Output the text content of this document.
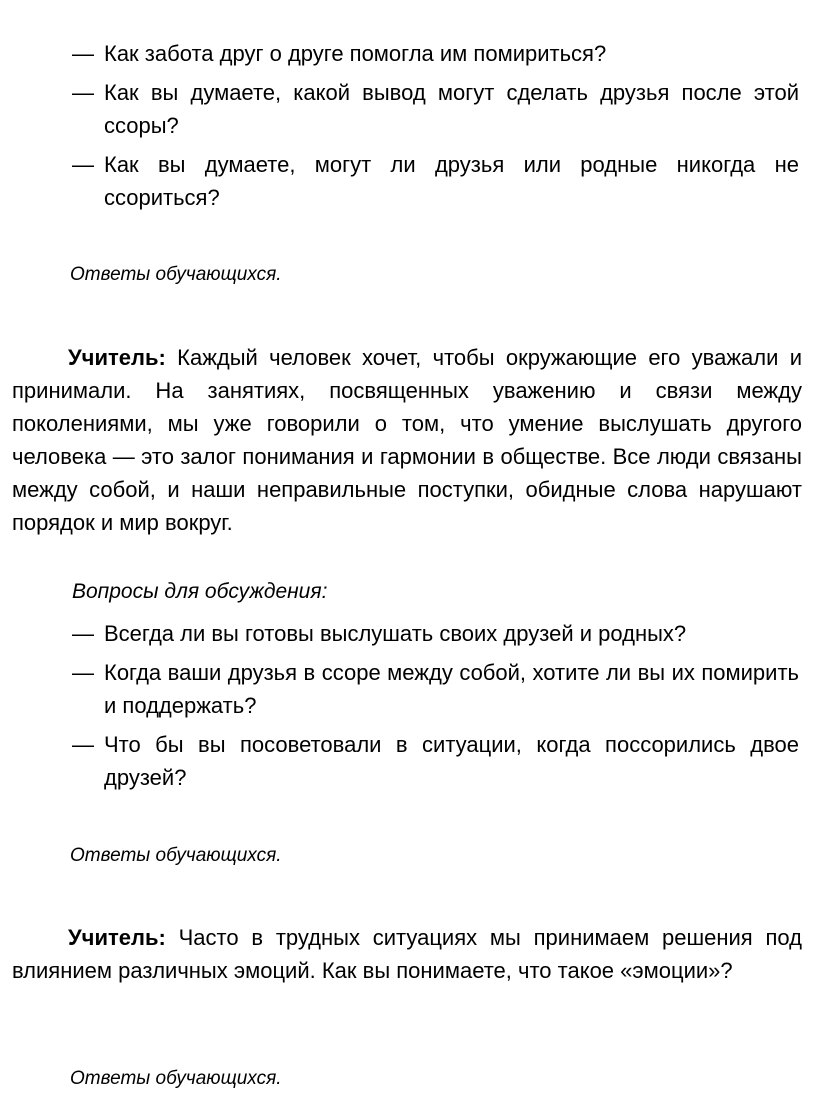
— Как забота друг о друге помогла им помириться?
— Как вы думаете, какой вывод могут сделать друзья после этой ссоры?
— Как вы думаете, могут ли друзья или родные никогда не ссориться?

Ответы обучающихся.

Учитель: Каждый человек хочет, чтобы окружающие его уважали и принимали. На занятиях, посвященных уважению и связи между поколениями, мы уже говорили о том, что умение выслушать другого человека — это залог понимания и гармонии в обществе. Все люди связаны между собой, и наши неправильные поступки, обидные слова нарушают порядок и мир вокруг.

Вопросы для обсуждения:

— Всегда ли вы готовы выслушать своих друзей и родных?
— Когда ваши друзья в ссоре между собой, хотите ли вы их помирить и поддержать?
— Что бы вы посоветовали в ситуации, когда поссорились двое друзей?

Ответы обучающихся.

Учитель: Часто в трудных ситуациях мы принимаем решения под влиянием различных эмоций. Как вы понимаете, что такое «эмоции»?

Ответы обучающихся.
